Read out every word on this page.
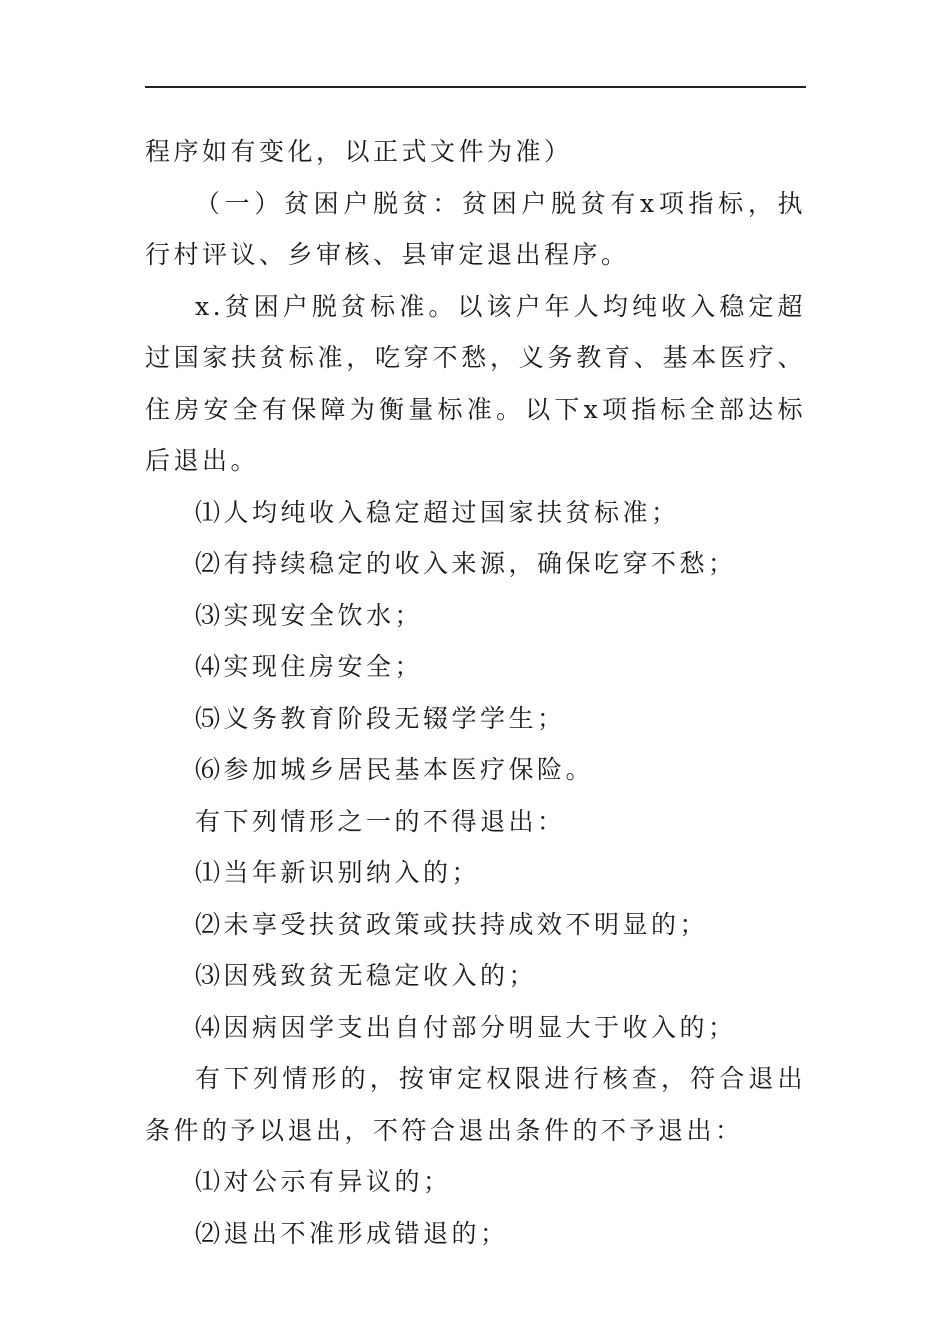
程序如有变化，以正式文件为准）

（一）贫困户脱贫：贫困户脱贫有x项指标，执行村评议、乡审核、县审定退出程序。

x.贫困户脱贫标准。以该户年人均纯收入稳定超过国家扶贫标准，吃穿不愁，义务教育、基本医疗、住房安全有保障为衡量标准。以下x项指标全部达标后退出。

⑴人均纯收入稳定超过国家扶贫标准；

⑵有持续稳定的收入来源，确保吃穿不愁；

⑶实现安全饮水；

⑷实现住房安全；

⑸义务教育阶段无辍学学生；

⑹参加城乡居民基本医疗保险。

有下列情形之一的不得退出：

⑴当年新识别纳入的；

⑵未享受扶贫政策或扶持成效不明显的；

⑶因残致贫无稳定收入的；

⑷因病因学支出自付部分明显大于收入的；

有下列情形的，按审定权限进行核查，符合退出条件的予以退出，不符合退出条件的不予退出：

⑴对公示有异议的；

⑵退出不准形成错退的；
